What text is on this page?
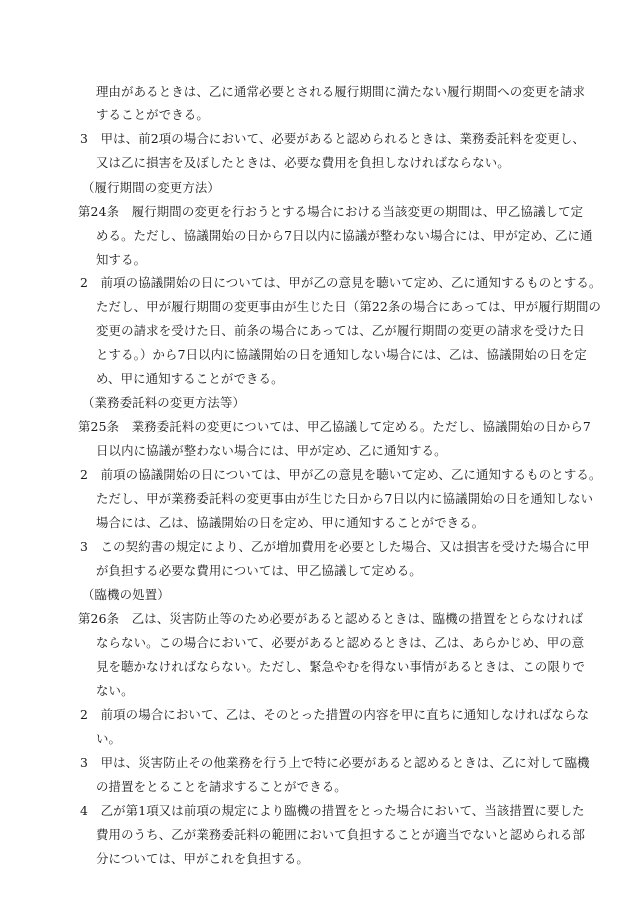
理由があるときは、乙に通常必要とされる履行期間に満たない履行期間への変更を請求
することができる。
3　甲は、前2項の場合において、必要があると認められるときは、業務委託料を変更し、
又は乙に損害を及ぼしたときは、必要な費用を負担しなければならない。
（履行期間の変更方法）
第24条　履行期間の変更を行おうとする場合における当該変更の期間は、甲乙協議して定
める。ただし、協議開始の日から7日以内に協議が整わない場合には、甲が定め、乙に通
知する。
2　前項の協議開始の日については、甲が乙の意見を聴いて定め、乙に通知するものとする。
ただし、甲が履行期間の変更事由が生じた日（第22条の場合にあっては、甲が履行期間の
変更の請求を受けた日、前条の場合にあっては、乙が履行期間の変更の請求を受けた日
とする。）から7日以内に協議開始の日を通知しない場合には、乙は、協議開始の日を定
め、甲に通知することができる。
（業務委託料の変更方法等）
第25条　業務委託料の変更については、甲乙協議して定める。ただし、協議開始の日から7
日以内に協議が整わない場合には、甲が定め、乙に通知する。
2　前項の協議開始の日については、甲が乙の意見を聴いて定め、乙に通知するものとする。
ただし、甲が業務委託料の変更事由が生じた日から7日以内に協議開始の日を通知しない
場合には、乙は、協議開始の日を定め、甲に通知することができる。
3　この契約書の規定により、乙が増加費用を必要とした場合、又は損害を受けた場合に甲
が負担する必要な費用については、甲乙協議して定める。
（臨機の処置）
第26条　乙は、災害防止等のため必要があると認めるときは、臨機の措置をとらなければ
ならない。この場合において、必要があると認めるときは、乙は、あらかじめ、甲の意
見を聴かなければならない。ただし、緊急やむを得ない事情があるときは、この限りで
ない。
2　前項の場合において、乙は、そのとった措置の内容を甲に直ちに通知しなければならな
い。
3　甲は、災害防止その他業務を行う上で特に必要があると認めるときは、乙に対して臨機
の措置をとることを請求することができる。
4　乙が第1項又は前項の規定により臨機の措置をとった場合において、当該措置に要した
費用のうち、乙が業務委託料の範囲において負担することが適当でないと認められる部
分については、甲がこれを負担する。
